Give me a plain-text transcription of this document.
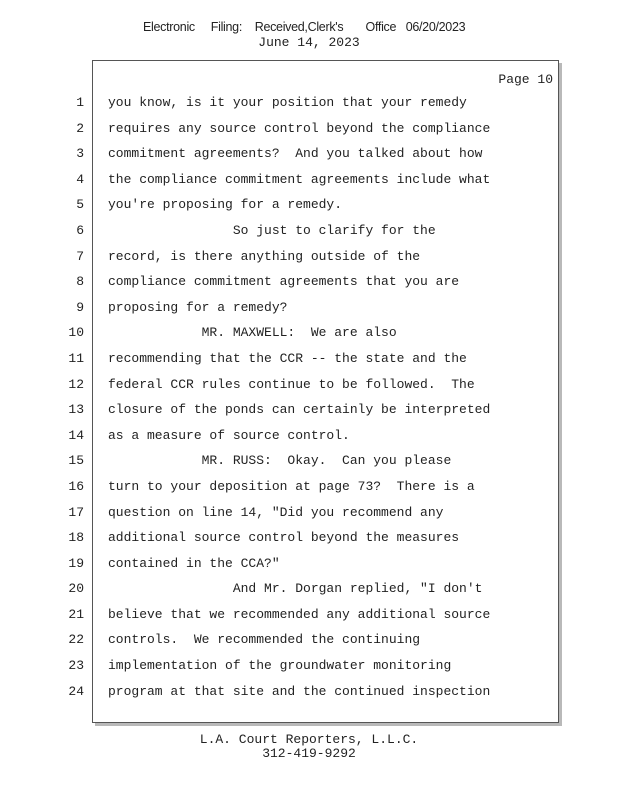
Electronic Filing: Received,Clerk's Office 06/20/2023
June 14, 2023
Page 10
1
2
3
4
5
6
7
8
9
10
11
12
13
14
15
16
17
18
19
20
21
22
23
24
you know, is it your position that your remedy
requires any source control beyond the compliance
commitment agreements?  And you talked about how
the compliance commitment agreements include what
you're proposing for a remedy.
So just to clarify for the
record, is there anything outside of the
compliance commitment agreements that you are
proposing for a remedy?
MR. MAXWELL:  We are also
recommending that the CCR -- the state and the
federal CCR rules continue to be followed.  The
closure of the ponds can certainly be interpreted
as a measure of source control.
MR. RUSS:  Okay.  Can you please
turn to your deposition at page 73?  There is a
question on line 14, "Did you recommend any
additional source control beyond the measures
contained in the CCA?"
And Mr. Dorgan replied, "I don't
believe that we recommended any additional source
controls.  We recommended the continuing
implementation of the groundwater monitoring
program at that site and the continued inspection
L.A. Court Reporters, L.L.C.
312-419-9292
